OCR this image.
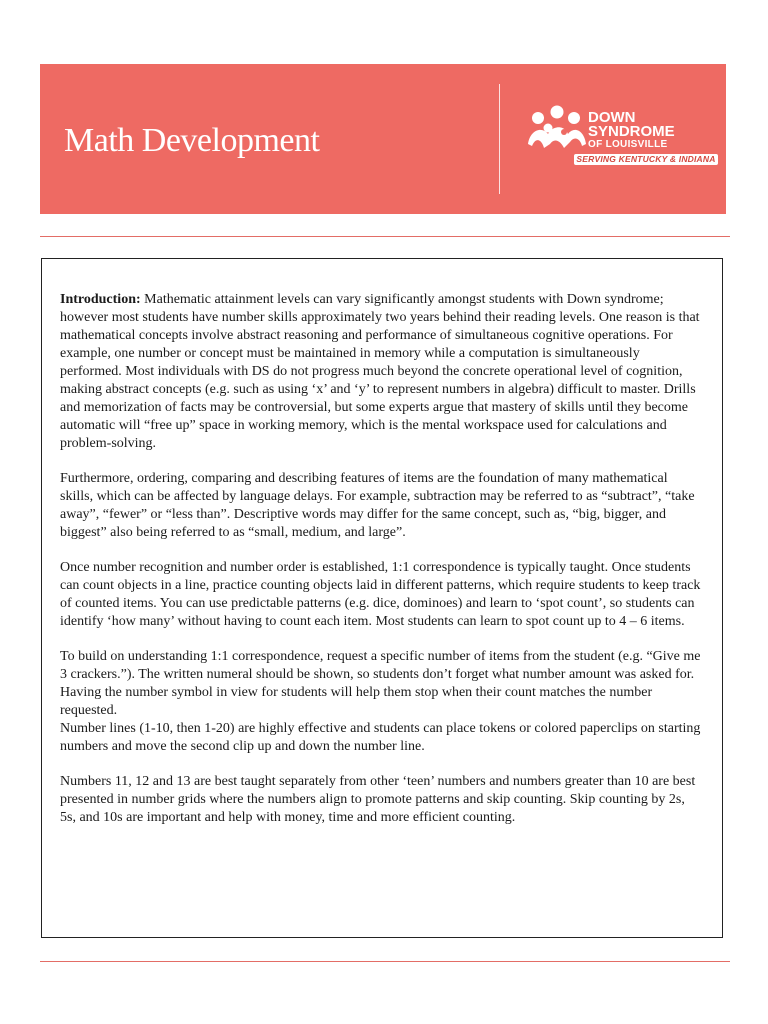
Math Development
DOWN
SYNDROME
OF LOUISVILLE
SERVING KENTUCKY & INDIANA

Introduction: Mathematic attainment levels can vary significantly amongst students with Down syndrome; however most students have number skills approximately two years behind their reading levels. One reason is that mathematical concepts involve abstract reasoning and performance of simultaneous cognitive operations. For example, one number or concept must be maintained in memory while a computation is simultaneously performed. Most individuals with DS do not progress much beyond the concrete operational level of cognition, making abstract concepts (e.g. such as using ‘x’ and ‘y’ to represent numbers in algebra) difficult to master. Drills and memorization of facts may be controversial, but some experts argue that mastery of skills until they become automatic will “free up” space in working memory, which is the mental workspace used for calculations and problem-solving.

Furthermore, ordering, comparing and describing features of items are the foundation of many mathematical skills, which can be affected by language delays. For example, subtraction may be referred to as “subtract”, “take away”, “fewer” or “less than”. Descriptive words may differ for the same concept, such as, “big, bigger, and biggest” also being referred to as “small, medium, and large”.

Once number recognition and number order is established, 1:1 correspondence is typically taught. Once students can count objects in a line, practice counting objects laid in different patterns, which require students to keep track of counted items. You can use predictable patterns (e.g. dice, dominoes) and learn to ‘spot count’, so students can identify ‘how many’ without having to count each item. Most students can learn to spot count up to 4 – 6 items.

To build on understanding 1:1 correspondence, request a specific number of items from the student (e.g. “Give me 3 crackers.”). The written numeral should be shown, so students don’t forget what number amount was asked for. Having the number symbol in view for students will help them stop when their count matches the number requested.

Number lines (1-10, then 1-20) are highly effective and students can place tokens or colored paperclips on starting numbers and move the second clip up and down the number line.

Numbers 11, 12 and 13 are best taught separately from other ‘teen’ numbers and numbers greater than 10 are best presented in number grids where the numbers align to promote patterns and skip counting. Skip counting by 2s, 5s, and 10s are important and help with money, time and more efficient counting.
